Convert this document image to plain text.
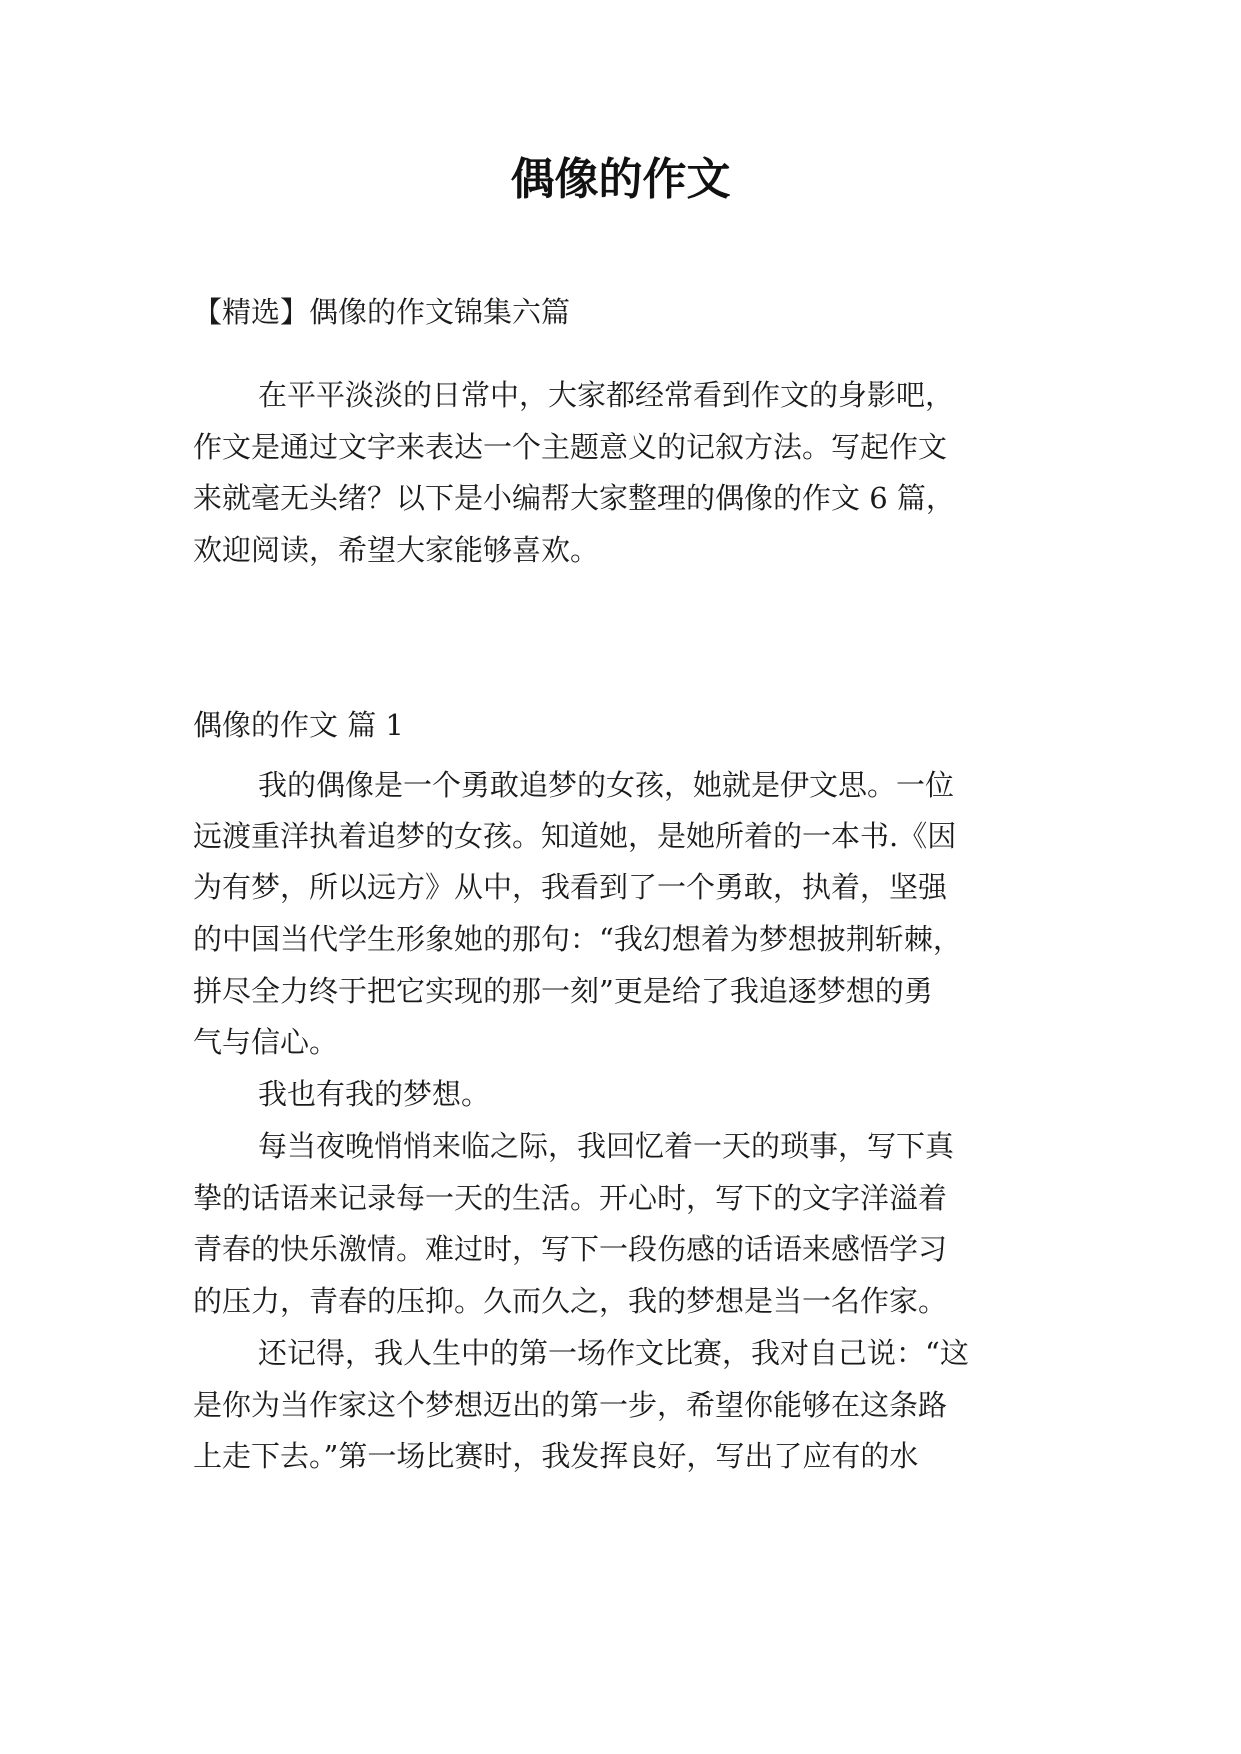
偶像的作文

【精选】偶像的作文锦集六篇

在平平淡淡的日常中，大家都经常看到作文的身影吧，

作文是通过文字来表达一个主题意义的记叙方法。写起作文

来就毫无头绪？以下是小编帮大家整理的偶像的作文 6 篇，

欢迎阅读，希望大家能够喜欢。

偶像的作文 篇 1

我的偶像是一个勇敢追梦的女孩，她就是伊文思。一位

远渡重洋执着追梦的女孩。知道她，是她所着的一本书.《因

为有梦，所以远方》从中，我看到了一个勇敢，执着，坚强

的中国当代学生形象她的那句：“我幻想着为梦想披荆斩棘，

拼尽全力终于把它实现的那一刻”更是给了我追逐梦想的勇

气与信心。

我也有我的梦想。

每当夜晚悄悄来临之际，我回忆着一天的琐事，写下真

挚的话语来记录每一天的生活。开心时，写下的文字洋溢着

青春的快乐激情。难过时，写下一段伤感的话语来感悟学习

的压力，青春的压抑。久而久之，我的梦想是当一名作家。

还记得，我人生中的第一场作文比赛，我对自己说：“这

是你为当作家这个梦想迈出的第一步，希望你能够在这条路

上走下去。”第一场比赛时，我发挥良好，写出了应有的水
